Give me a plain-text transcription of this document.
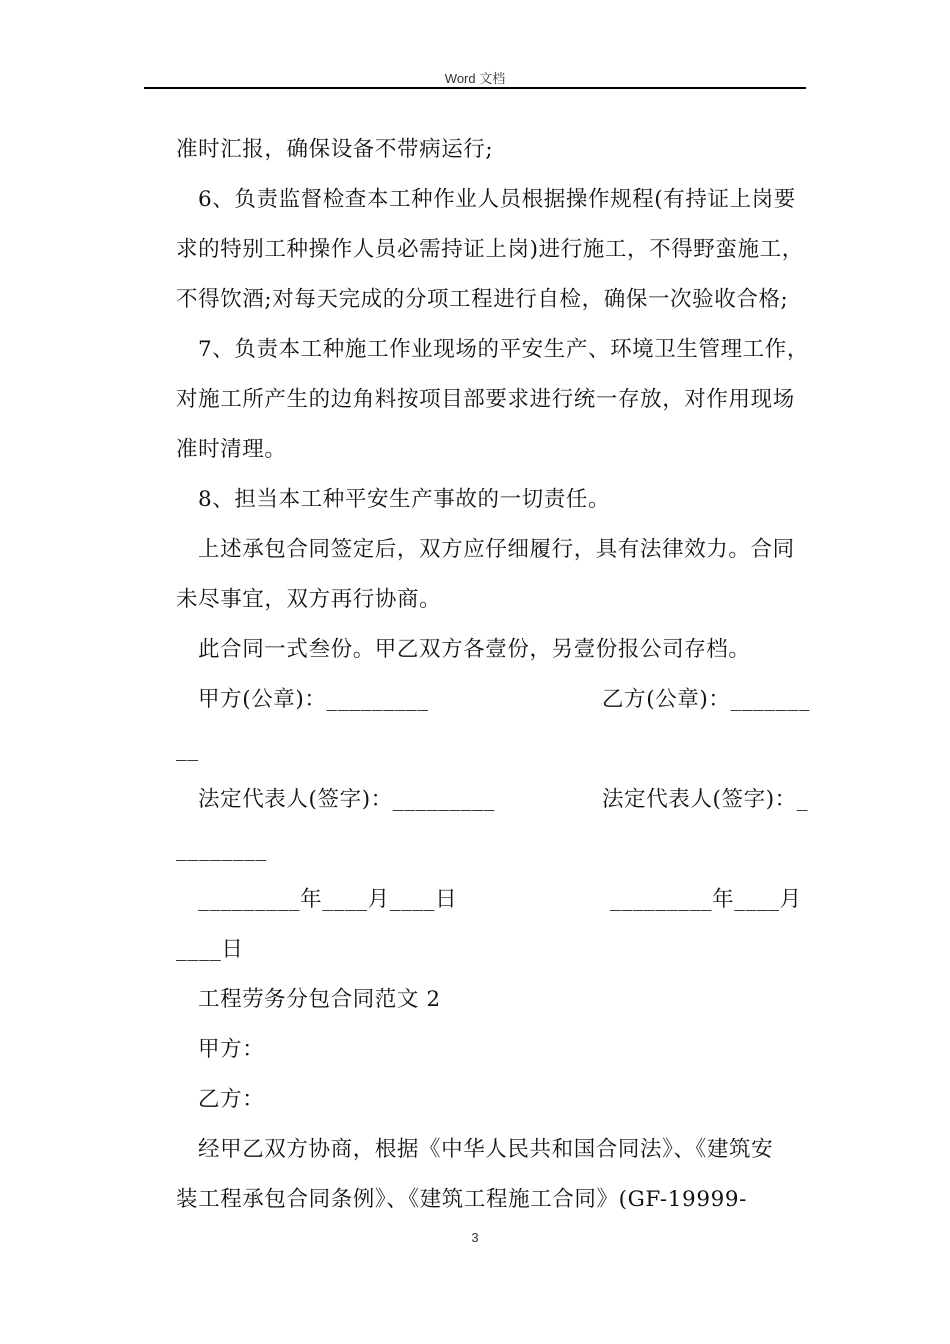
Word 文档
准时汇报，确保设备不带病运行;
6、负责监督检查本工种作业人员根据操作规程(有持证上岗要
求的特别工种操作人员必需持证上岗)进行施工，不得野蛮施工，
不得饮酒;对每天完成的分项工程进行自检，确保一次验收合格;
7、负责本工种施工作业现场的平安生产、环境卫生管理工作，
对施工所产生的边角料按项目部要求进行统一存放，对作用现场
准时清理。
8、担当本工种平安生产事故的一切责任。
上述承包合同签定后，双方应仔细履行，具有法律效力。合同
未尽事宜，双方再行协商。
此合同一式叁份。甲乙双方各壹份，另壹份报公司存档。
甲方(公章)：_________	乙方(公章)：_______
__
法定代表人(签字)：_________	法定代表人(签字)：_
________
_________年____月____日	_________年____月
____日
工程劳务分包合同范文 2
甲方：
乙方：
经甲乙双方协商，根据《中华人民共和国合同法》、《建筑安
装工程承包合同条例》、《建筑工程施工合同》(GF-19999-
3
